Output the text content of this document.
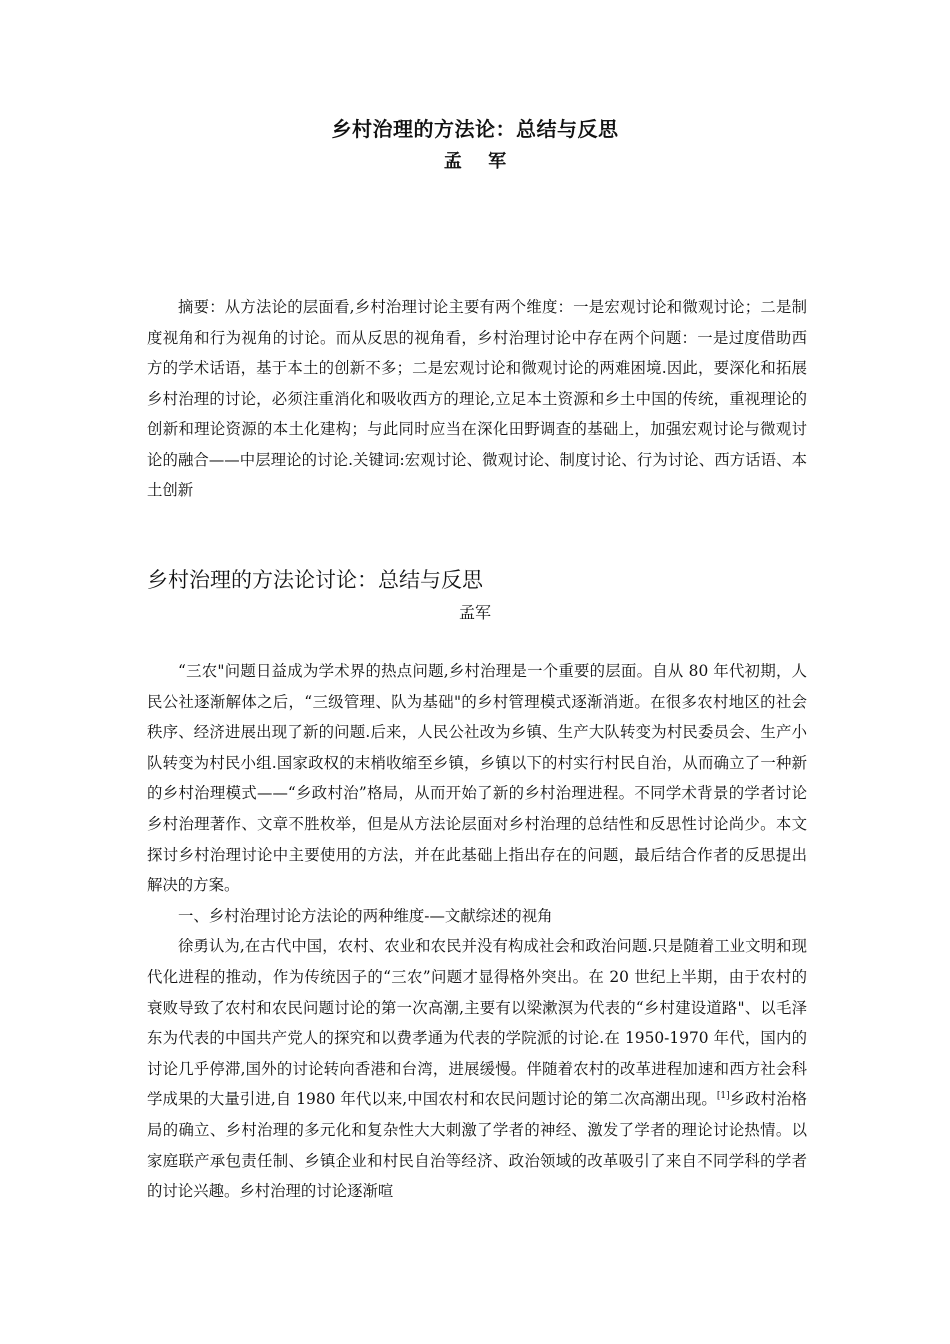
乡村治理的方法论：总结与反思
孟 军

摘要：从方法论的层面看,乡村治理讨论主要有两个维度：一是宏观讨论和微观讨论；二是制度视角和行为视角的讨论。而从反思的视角看，乡村治理讨论中存在两个问题：一是过度借助西方的学术话语，基于本土的创新不多；二是宏观讨论和微观讨论的两难困境.因此，要深化和拓展乡村治理的讨论，必须注重消化和吸收西方的理论,立足本土资源和乡土中国的传统，重视理论的创新和理论资源的本土化建构；与此同时应当在深化田野调查的基础上，加强宏观讨论与微观讨论的融合——中层理论的讨论.关键词:宏观讨论、微观讨论、制度讨论、行为讨论、西方话语、本土创新

乡村治理的方法论讨论：总结与反思

孟军

“三农"问题日益成为学术界的热点问题,乡村治理是一个重要的层面。自从 80 年代初期，人民公社逐渐解体之后，“三级管理、队为基础"的乡村管理模式逐渐消逝。在很多农村地区的社会秩序、经济进展出现了新的问题.后来，人民公社改为乡镇、生产大队转变为村民委员会、生产小队转变为村民小组.国家政权的末梢收缩至乡镇，乡镇以下的村实行村民自治，从而确立了一种新的乡村治理模式——“乡政村治”格局，从而开始了新的乡村治理进程。不同学术背景的学者讨论乡村治理著作、文章不胜枚举，但是从方法论层面对乡村治理的总结性和反思性讨论尚少。本文探讨乡村治理讨论中主要使用的方法，并在此基础上指出存在的问题，最后结合作者的反思提出解决的方案。

一、乡村治理讨论方法论的两种维度-—文献综述的视角

徐勇认为,在古代中国，农村、农业和农民并没有构成社会和政治问题.只是随着工业文明和现代化进程的推动，作为传统因子的“三农”问题才显得格外突出。在 20 世纪上半期，由于农村的衰败导致了农村和农民问题讨论的第一次高潮,主要有以梁漱溟为代表的“乡村建设道路"、以毛泽东为代表的中国共产党人的探究和以费孝通为代表的学院派的讨论.在 1950-1970 年代，国内的讨论几乎停滞,国外的讨论转向香港和台湾，进展缓慢。伴随着农村的改革进程加速和西方社会科学成果的大量引进,自 1980 年代以来,中国农村和农民问题讨论的第二次高潮出现。[1]乡政村治格局的确立、乡村治理的多元化和复杂性大大刺激了学者的神经、激发了学者的理论讨论热情。以家庭联产承包责任制、乡镇企业和村民自治等经济、政治领域的改革吸引了来自不同学科的学者的讨论兴趣。乡村治理的讨论逐渐喧
